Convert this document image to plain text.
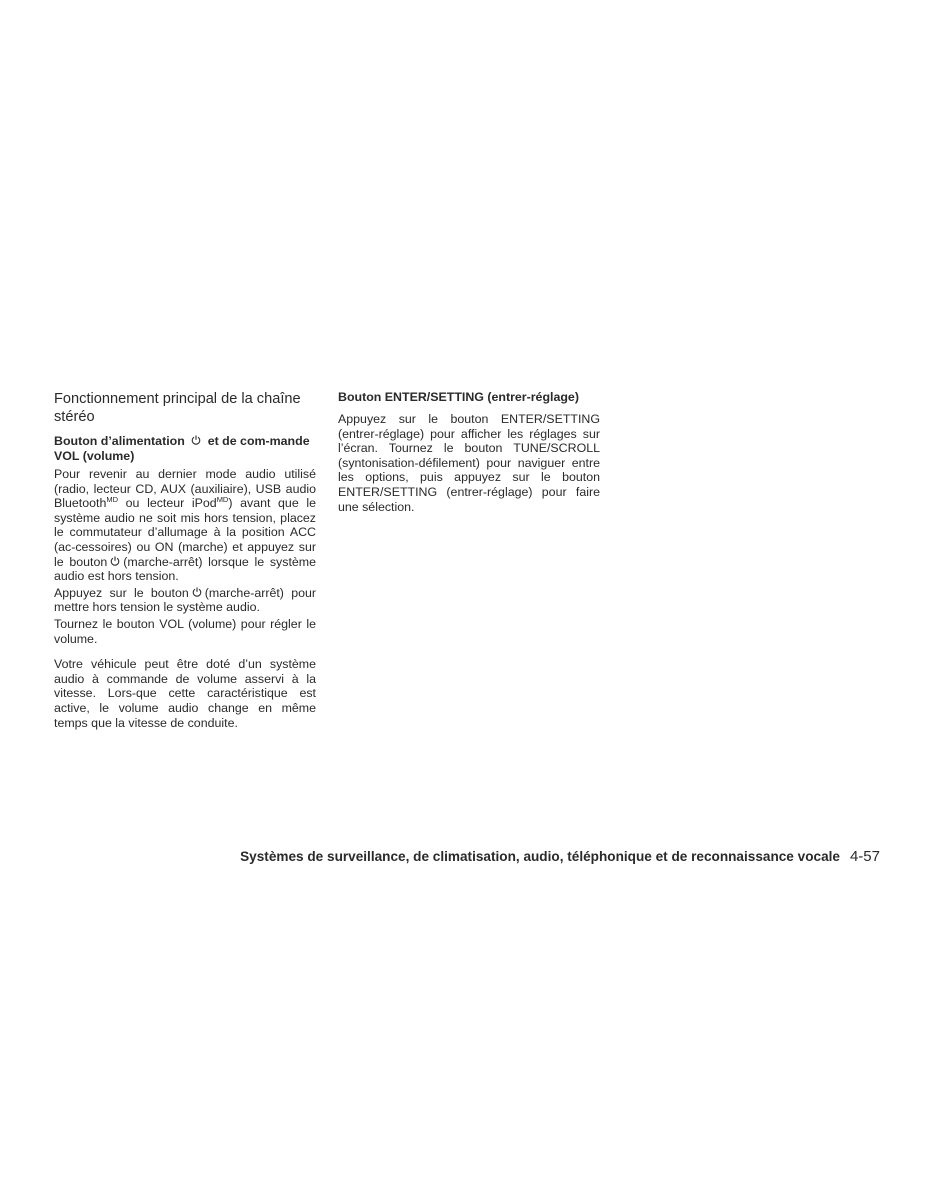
Fonctionnement principal de la chaîne stéréo
Bouton d’alimentation et de com-mande VOL (volume)
Pour revenir au dernier mode audio utilisé (radio, lecteur CD, AUX (auxiliaire), USB audio Bluetooth$^{MD}$ ou lecteur iPod$^{MD}$) avant que le système audio ne soit mis hors tension, placez le commutateur d’allumage à la position ACC (ac-cessoires) ou ON (marche) et appuyez sur le bouton (marche-arrêt) lorsque le système audio est hors tension.
Appuyez sur le bouton (marche-arrêt) pour mettre hors tension le système audio.
Tournez le bouton VOL (volume) pour régler le volume.
Votre véhicule peut être doté d’un système audio à commande de volume asservi à la vitesse. Lors-que cette caractéristique est active, le volume audio change en même temps que la vitesse de conduite.
Bouton ENTER/SETTING (entrer-réglage)
Appuyez sur le bouton ENTER/SETTING (entrer-réglage) pour afficher les réglages sur l’écran. Tournez le bouton TUNE/SCROLL (syntonisation-défilement) pour naviguer entre les options, puis appuyez sur le bouton ENTER/SETTING (entrer-réglage) pour faire une sélection.
Systèmes de surveillance, de climatisation, audio, téléphonique et de reconnaissance vocale 4-57
